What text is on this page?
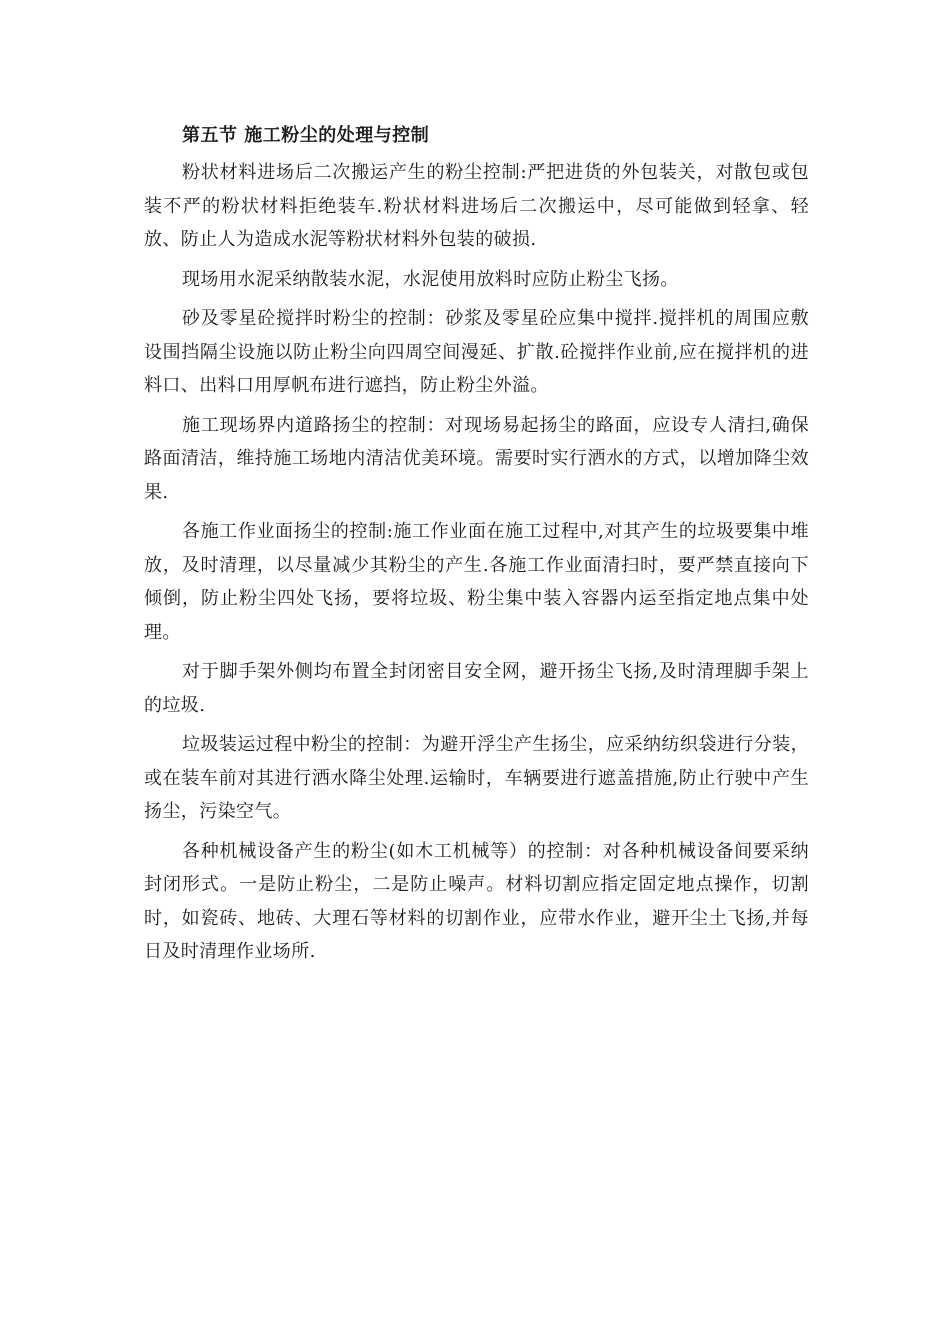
第五节 施工粉尘的处理与控制

粉状材料进场后二次搬运产生的粉尘控制:严把进货的外包装关，对散包或包装不严的粉状材料拒绝装车.粉状材料进场后二次搬运中，尽可能做到轻拿、轻放、防止人为造成水泥等粉状材料外包装的破损.

现场用水泥采纳散装水泥，水泥使用放料时应防止粉尘飞扬。

砂及零星砼搅拌时粉尘的控制：砂浆及零星砼应集中搅拌.搅拌机的周围应敷设围挡隔尘设施以防止粉尘向四周空间漫延、扩散.砼搅拌作业前,应在搅拌机的进料口、出料口用厚帆布进行遮挡，防止粉尘外溢。

施工现场界内道路扬尘的控制：对现场易起扬尘的路面，应设专人清扫,确保路面清洁，维持施工场地内清洁优美环境。需要时实行洒水的方式，以增加降尘效果.

各施工作业面扬尘的控制:施工作业面在施工过程中,对其产生的垃圾要集中堆放，及时清理，以尽量减少其粉尘的产生.各施工作业面清扫时，要严禁直接向下倾倒，防止粉尘四处飞扬，要将垃圾、粉尘集中装入容器内运至指定地点集中处理。

对于脚手架外侧均布置全封闭密目安全网，避开扬尘飞扬,及时清理脚手架上的垃圾.

垃圾装运过程中粉尘的控制：为避开浮尘产生扬尘，应采纳纺织袋进行分装，或在装车前对其进行洒水降尘处理.运输时，车辆要进行遮盖措施,防止行驶中产生扬尘，污染空气。

各种机械设备产生的粉尘(如木工机械等）的控制：对各种机械设备间要采纳封闭形式。一是防止粉尘，二是防止噪声。材料切割应指定固定地点操作，切割时，如瓷砖、地砖、大理石等材料的切割作业，应带水作业，避开尘土飞扬,并每日及时清理作业场所.
